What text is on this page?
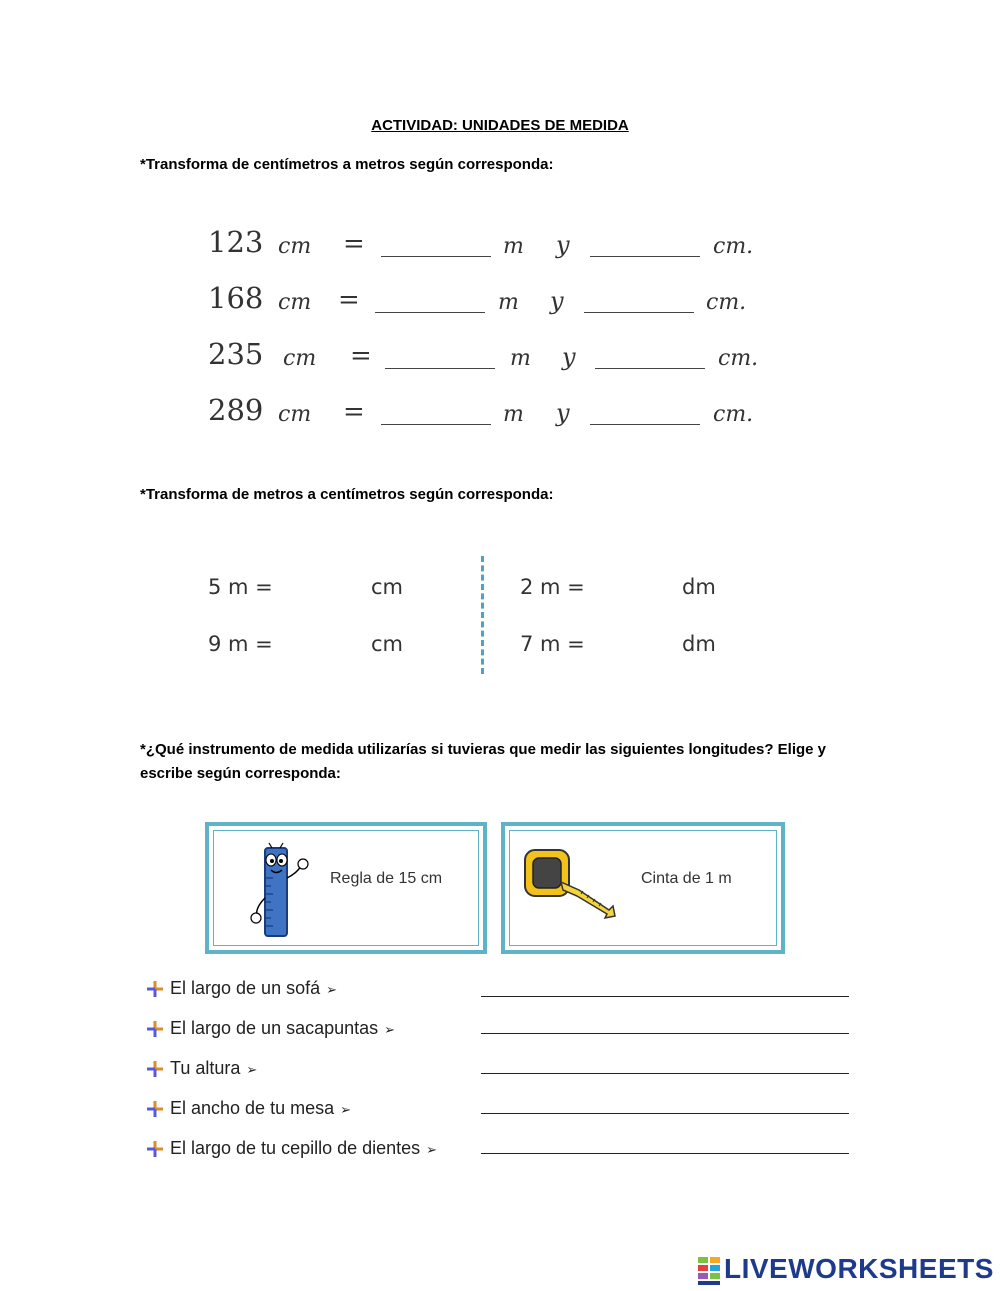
ACTIVIDAD: UNIDADES DE MEDIDA
*Transforma de centímetros a metros según corresponda:
123 cm =	m y	cm.
168 cm =	m y	cm.
235 cm =	m y	cm.
289 cm =	m y	cm.
*Transforma de metros a centímetros según corresponda:
5 m =	cm
9 m =	cm
2 m =	dm
7 m =	dm
*¿Qué instrumento de medida utilizarías si tuvieras que medir las siguientes longitudes? Elige y escribe según corresponda:
Regla de 15 cm	Cinta de 1 m
El largo de un sofá ➢
El largo de un sacapuntas ➢
Tu altura ➢
El ancho de tu mesa ➢
El largo de tu cepillo de dientes ➢
LIVEWORKSHEETS
